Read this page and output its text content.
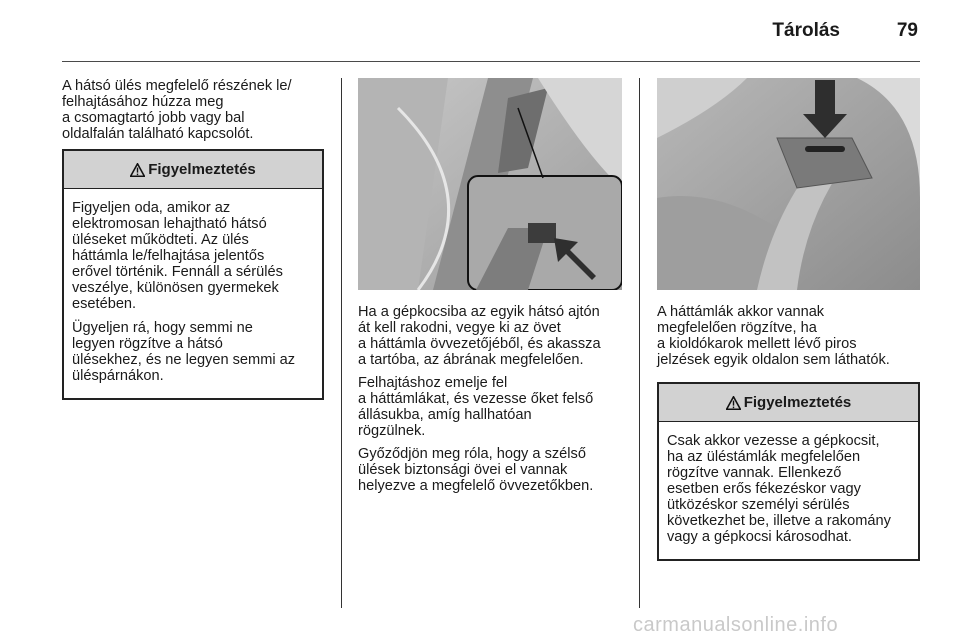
Tárolás	79

A hátsó ülés megfelelő részének le/
felhajtásához húzza meg
a csomagtartó jobb vagy bal
oldalfalán található kapcsolót.

Figyelmeztetés

Figyeljen oda, amikor az
elektromosan lehajtható hátsó
üléseket működteti. Az ülés
háttámla le/felhajtása jelentős
erővel történik. Fennáll a sérülés
veszélye, különösen gyermekek
esetében.

Ügyeljen rá, hogy semmi ne
legyen rögzítve a hátsó
ülésekhez, és ne legyen semmi az
üléspárnákon.

Ha a gépkocsiba az egyik hátsó ajtón
át kell rakodni, vegye ki az övet
a háttámla övvezetőjéből, és akassza
a tartóba, az ábrának megfelelően.

Felhajtáshoz emelje fel
a háttámlákat, és vezesse őket felső
állásukba, amíg hallhatóan
rögzülnek.

Győződjön meg róla, hogy a szélső
ülések biztonsági övei el vannak
helyezve a megfelelő övvezetőkben.

A háttámlák akkor vannak
megfelelően rögzítve, ha
a kioldókarok mellett lévő piros
jelzések egyik oldalon sem láthatók.

Figyelmeztetés

Csak akkor vezesse a gépkocsit,
ha az üléstámlák megfelelően
rögzítve vannak. Ellenkező
esetben erős fékezéskor vagy
ütközéskor személyi sérülés
következhet be, illetve a rakomány
vagy a gépkocsi károsodhat.

carmanualsonline.info
